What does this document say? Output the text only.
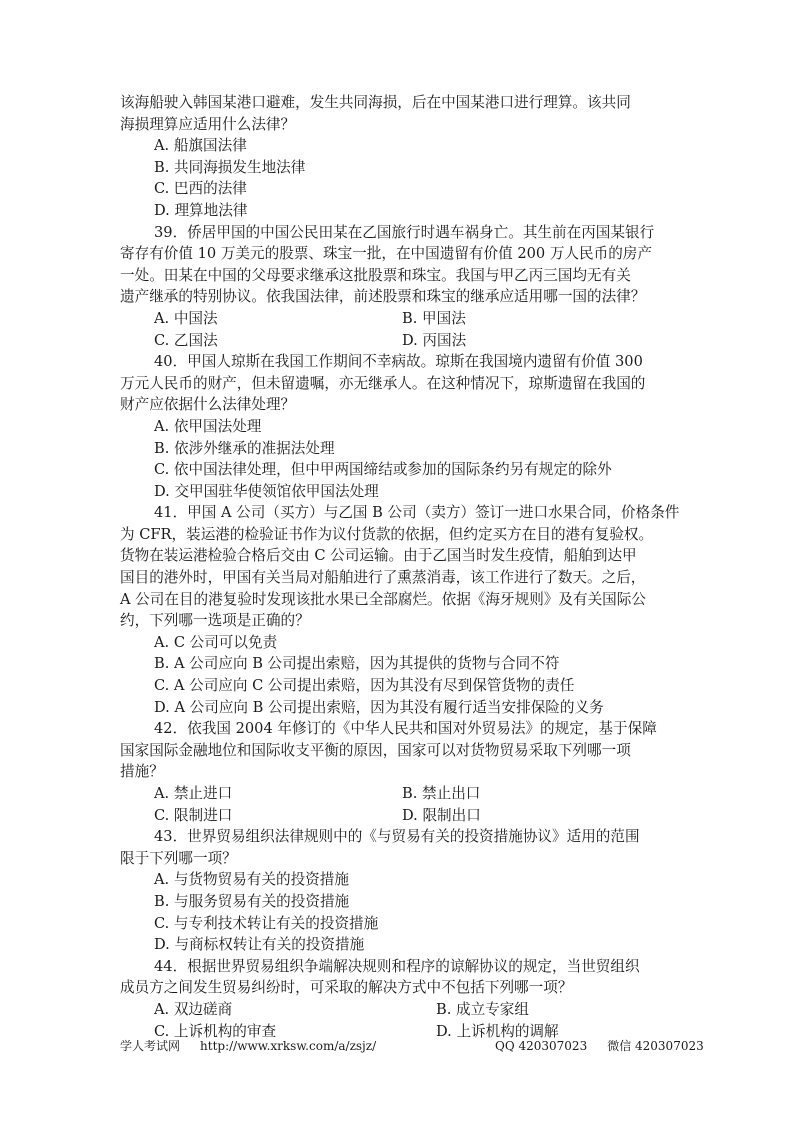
该海船驶入韩国某港口避难，发生共同海损，后在中国某港口进行理算。该共同
海损理算应适用什么法律？
A. 船旗国法律
B. 共同海损发生地法律
C. 巴西的法律
D. 理算地法律
39．侨居甲国的中国公民田某在乙国旅行时遇车祸身亡。其生前在丙国某银行
寄存有价值 10 万美元的股票、珠宝一批，在中国遗留有价值 200 万人民币的房产
一处。田某在中国的父母要求继承这批股票和珠宝。我国与甲乙丙三国均无有关
遗产继承的特别协议。依我国法律，前述股票和珠宝的继承应适用哪一国的法律？
A. 中国法	B. 甲国法
C. 乙国法	D. 丙国法
40．甲国人琼斯在我国工作期间不幸病故。琼斯在我国境内遗留有价值 300
万元人民币的财产，但未留遗嘱，亦无继承人。在这种情况下，琼斯遗留在我国的
财产应依据什么法律处理？
A. 依甲国法处理
B. 依涉外继承的准据法处理
C. 依中国法律处理，但中甲两国缔结或参加的国际条约另有规定的除外
D. 交甲国驻华使领馆依甲国法处理
41．甲国 A 公司（买方）与乙国 B 公司（卖方）签订一进口水果合同，价格条件
为 CFR，装运港的检验证书作为议付货款的依据，但约定买方在目的港有复验权。
货物在装运港检验合格后交由 C 公司运输。由于乙国当时发生疫情，船舶到达甲
国目的港外时，甲国有关当局对船舶进行了熏蒸消毒，该工作进行了数天。之后，
A 公司在目的港复验时发现该批水果已全部腐烂。依据《海牙规则》及有关国际公
约，下列哪一选项是正确的？
A. C 公司可以免责
B. A 公司应向 B 公司提出索赔，因为其提供的货物与合同不符
C. A 公司应向 C 公司提出索赔，因为其没有尽到保管货物的责任
D. A 公司应向 B 公司提出索赔，因为其没有履行适当安排保险的义务
42．依我国 2004 年修订的《中华人民共和国对外贸易法》的规定，基于保障
国家国际金融地位和国际收支平衡的原因，国家可以对货物贸易采取下列哪一项
措施？
A. 禁止进口	B. 禁止出口
C. 限制进口	D. 限制出口
43．世界贸易组织法律规则中的《与贸易有关的投资措施协议》适用的范围
限于下列哪一项？
A. 与货物贸易有关的投资措施
B. 与服务贸易有关的投资措施
C. 与专利技术转让有关的投资措施
D. 与商标权转让有关的投资措施
44．根据世界贸易组织争端解决规则和程序的谅解协议的规定，当世贸组织
成员方之间发生贸易纠纷时，可采取的解决方式中不包括下列哪一项？
A. 双边磋商	B. 成立专家组
C. 上诉机构的审查	D. 上诉机构的调解
学人考试网 http://www.xrksw.com/a/zsjz/	QQ 420307023 微信 420307023
